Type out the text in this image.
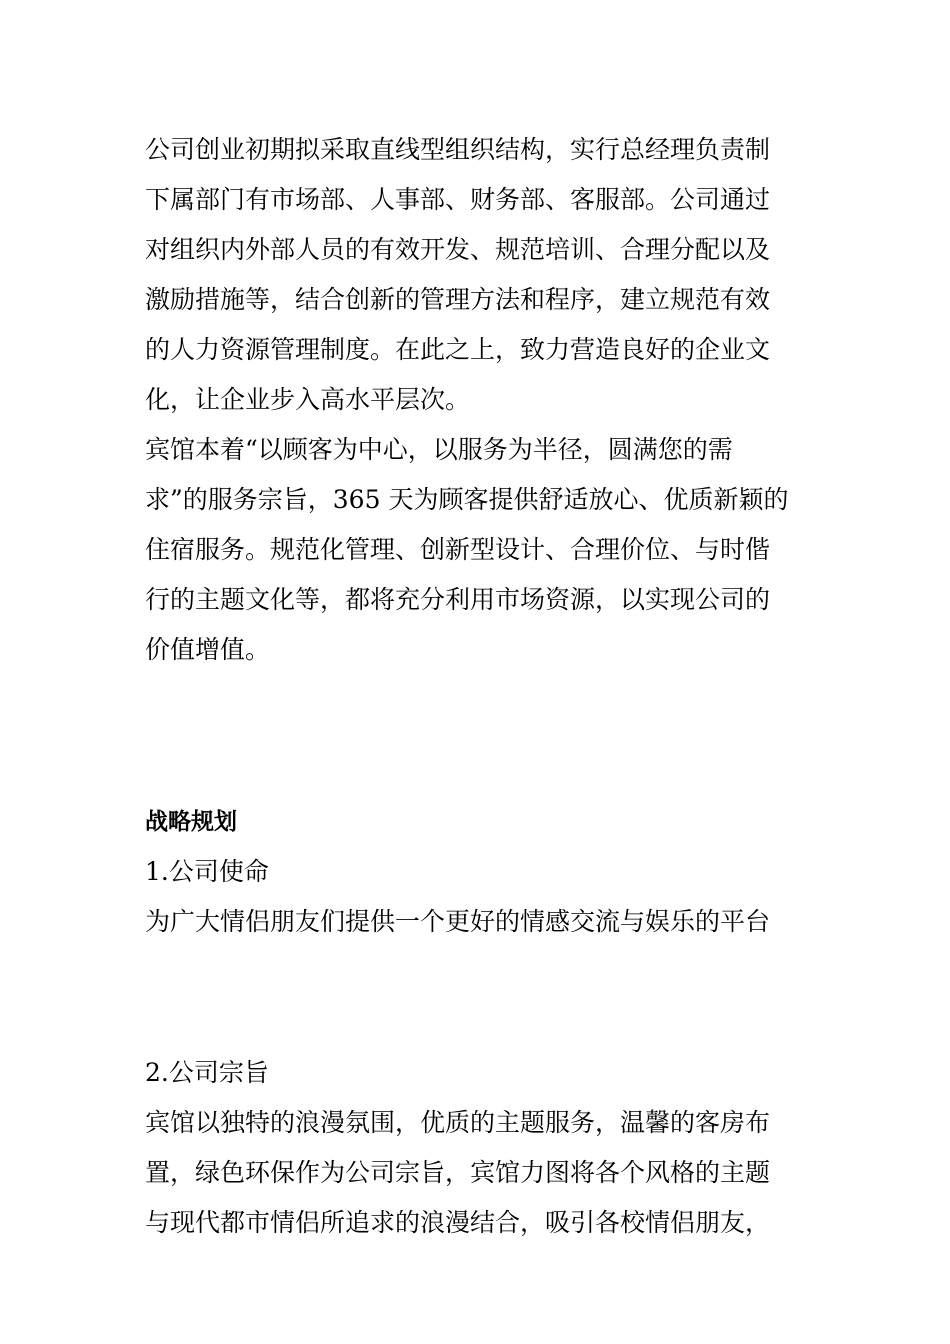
公司创业初期拟采取直线型组织结构，实行总经理负责制
下属部门有市场部、人事部、财务部、客服部。公司通过
对组织内外部人员的有效开发、规范培训、合理分配以及
激励措施等，结合创新的管理方法和程序，建立规范有效
的人力资源管理制度。在此之上，致力营造良好的企业文
化，让企业步入高水平层次。
宾馆本着“以顾客为中心，以服务为半径，圆满您的需
求”的服务宗旨，365 天为顾客提供舒适放心、优质新颖的
住宿服务。规范化管理、创新型设计、合理价位、与时偕
行的主题文化等，都将充分利用市场资源，以实现公司的
价值增值。
战略规划
1.公司使命
为广大情侣朋友们提供一个更好的情感交流与娱乐的平台
2.公司宗旨
宾馆以独特的浪漫氛围，优质的主题服务，温馨的客房布
置，绿色环保作为公司宗旨，宾馆力图将各个风格的主题
与现代都市情侣所追求的浪漫结合，吸引各校情侣朋友，
